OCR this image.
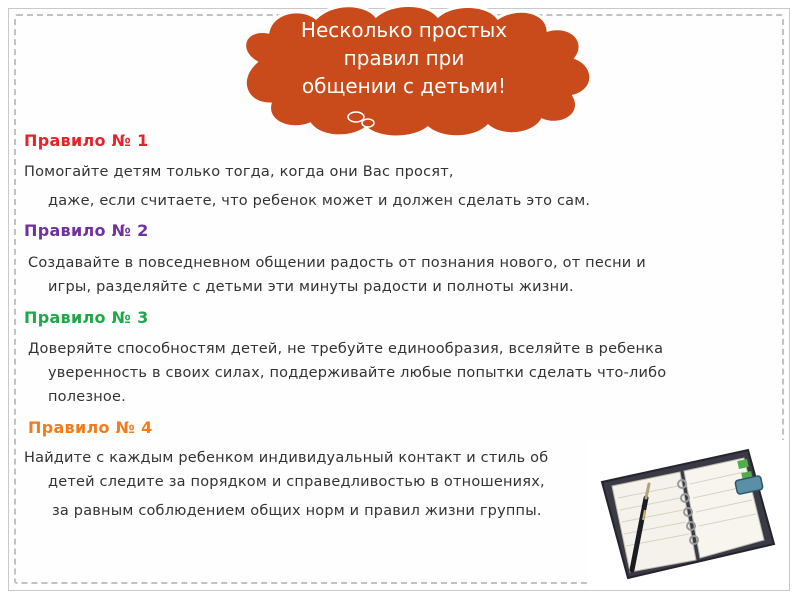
Несколько простых
правил при
общении с детьми!
Правило № 1
Помогайте детям только тогда, когда они Вас просят,
даже, если считаете, что ребенок может и должен сделать это сам.
Правило № 2
Создавайте в повседневном общении радость от познания нового, от песни и
игры, разделяйте с детьми эти минуты радости и полноты жизни.
Правило № 3
Доверяйте способностям детей, не требуйте единообразия, вселяйте в ребенка
уверенность в своих силах, поддерживайте любые попытки сделать что-либо
полезное.
Правило № 4
Найдите с каждым ребенком индивидуальный контакт и стиль об
детей следите за порядком и справедливостью в отношениях,
за равным соблюдением общих норм и правил жизни группы.
